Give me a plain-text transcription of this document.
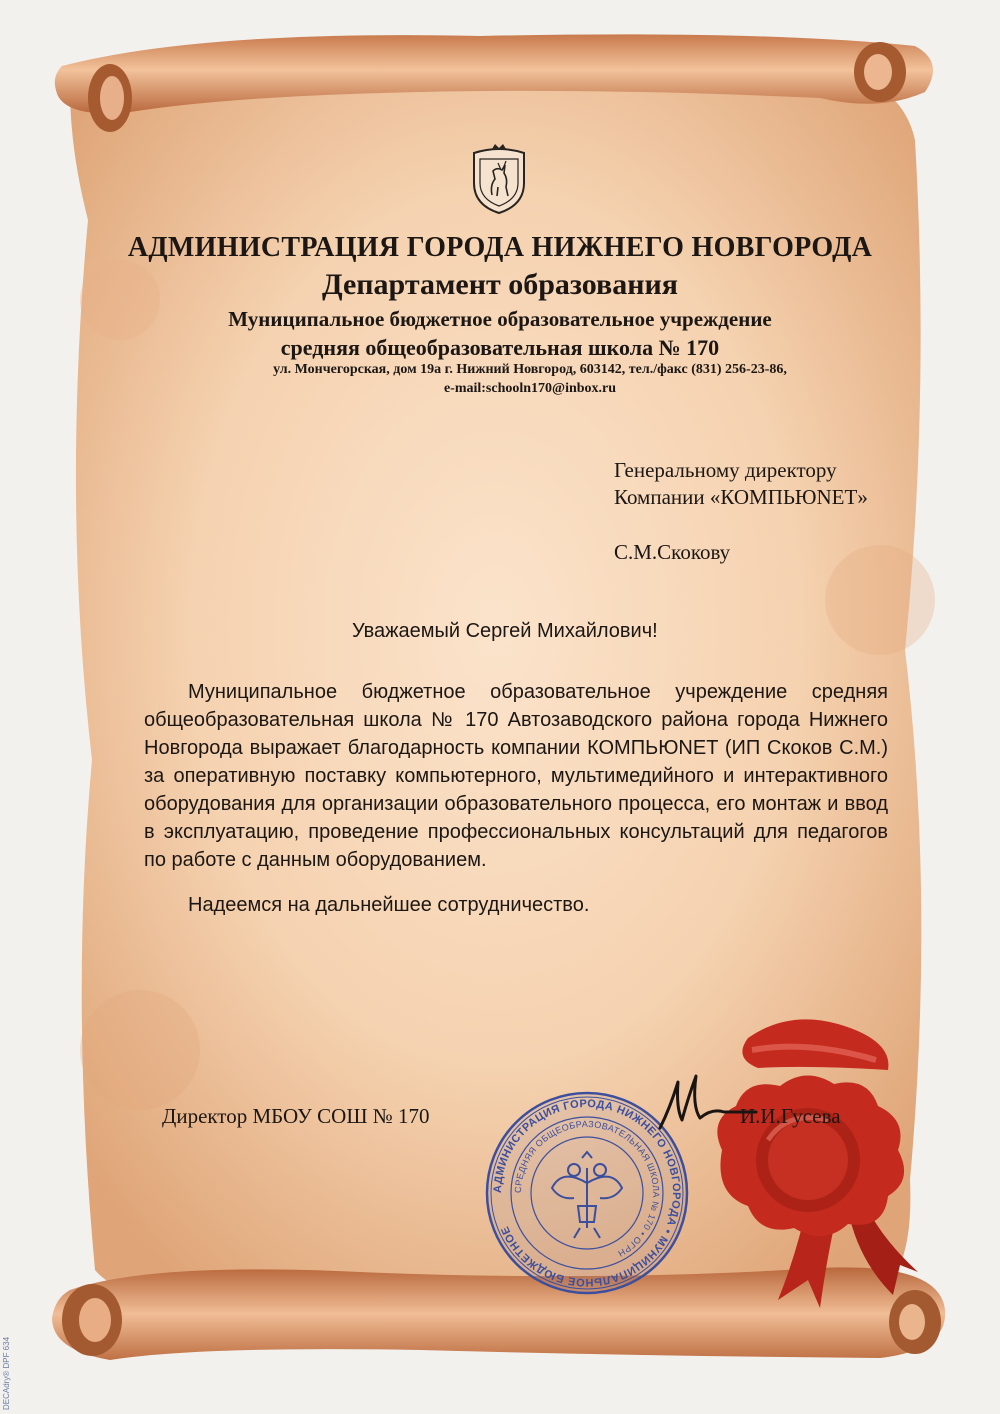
АДМИНИСТРАЦИЯ ГОРОДА НИЖНЕГО НОВГОРОДА
Департамент образования
Муниципальное бюджетное образовательное учреждение
средняя общеобразовательная школа № 170
ул. Мончегорская, дом 19а г. Нижний Новгород, 603142, тел./факс (831) 256-23-86,
e-mail:schooln170@inbox.ru
Генеральному директору
Компании «КОМПЬЮNET»
С.М.Скокову
Уважаемый Сергей Михайлович!

Муниципальное бюджетное образовательное учреждение средняя общеобразовательная школа № 170 Автозаводского района города Нижнего Новгорода выражает благодарность компании КОМПЬЮNET (ИП Скоков С.М.) за оперативную поставку компьютерного, мультимедийного и интерактивного оборудования для организации образовательного процесса, его монтаж и ввод в эксплуатацию, проведение профессиональных консультаций для педагогов по работе с данным оборудованием.

Надеемся на дальнейшее сотрудничество.
АДМИНИСТРАЦИЯ ГОРОДА НИЖНЕГО НОВГОРОДА • МУНИЦИПАЛЬНОЕ БЮДЖЕТНОЕ
СРЕДНЯЯ ОБЩЕОБРАЗОВАТЕЛЬНАЯ ШКОЛА № 170 • ОГРН
Директор МБОУ СОШ № 170	И.И.Гусева
DECAdry® DPF 634
